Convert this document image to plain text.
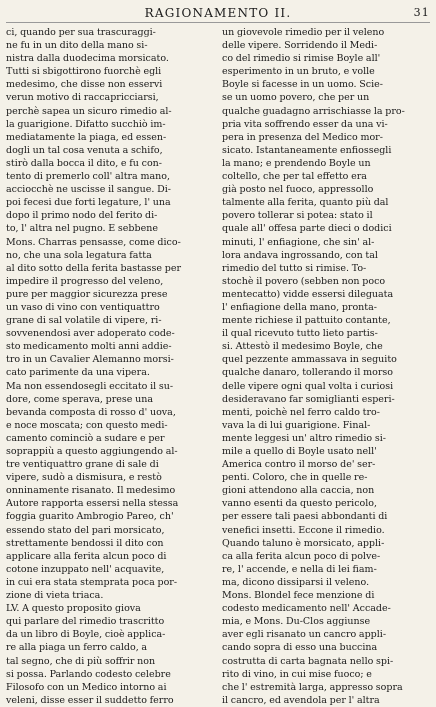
RAGIONAMENTO II.	31
ci, quando per sua trascuraggi-
ne fu in un dito della mano si-
nistra dalla duodecima morsicato.
Tutti si sbigottirono fuorchè egli
medesimo, che disse non esservi
verun motivo di raccapricciarsi,
perchè sapea un sicuro rimedio al-
la guarigione. Difatto succhiò im-
mediatamente la piaga, ed essen-
dogli un tal cosa venuta a schifo,
stirò dalla bocca il dito, e fu con-
tento di premerlo coll' altra mano,
acciocchè ne uscisse il sangue. Di-
poi fecesi due forti legature, l' una
dopo il primo nodo del ferito di-
to, l' altra nel pugno. E sebbene
Mons. Charras pensasse, come dico-
no, che una sola legatura fatta
al dito sotto della ferita bastasse per
impedire il progresso del veleno,
pure per maggior sicurezza prese
un vaso di vino con ventiquattro
grane di sal volatile di vipere, ri-
sovvenendosi aver adoperato code-
sto medicamento molti anni addie-
tro in un Cavalier Alemanno morsi-
cato parimente da una vipera.
Ma non essendosegli eccitato il su-
dore, come sperava, prese una
bevanda composta di rosso d' uova,
e noce moscata; con questo medi-
camento cominciò a sudare e per
soprappiù a questo aggiungendo al-
tre ventiquattro grane di sale di
vipere, sudò a dismisura, e restò
onninamente risanato. Il medesimo
Autore rapporta essersi nella stessa
foggia guarito Ambrogio Pareo, ch'
essendo stato del pari morsicato,
strettamente bendossi il dito con
applicare alla ferita alcun poco di
cotone inzuppato nell' acquavite,
in cui era stata stemprata poca por-
zione di vieta triaca.
LV. A questo proposito giova
qui parlare del rimedio trascritto
da un libro di Boyle, cioè applica-
re alla piaga un ferro caldo, a
tal segno, che di più soffrir non
si possa. Parlando codesto celebre
Filosofo con un Medico intorno ai
veleni, disse esser il suddetto ferro
un giovevole rimedio per il veleno
delle vipere. Sorridendo il Medi-
co del rimedio si rimise Boyle all'
esperimento in un bruto, e volle
Boyle si facesse in un uomo. Scie-
se un uomo povero, che per un
qualche guadagno arrischiasse la pro-
pria vita soffrendo esser da una vi-
pera in presenza del Medico mor-
sicato. Istantaneamente enfiossegli
la mano; e prendendo Boyle un
coltello, che per tal effetto era
già posto nel fuoco, appressollo
talmente alla ferita, quanto più dal
povero tollerar si potea: stato il
quale all' offesa parte dieci o dodici
minuti, l' enfiagione, che sin' al-
lora andava ingrossando, con tal
rimedio del tutto si rimise. To-
stochè il povero (sebben non poco
mentecatto) vidde essersi dileguata
l' enfiagione della mano, pronta-
mente richiese il pattuito contante,
il qual ricevuto tutto lieto partis-
si. Attestò il medesimo Boyle, che
quel pezzente ammassava in seguito
qualche danaro, tollerando il morso
delle vipere ogni qual volta i curiosi
desideravano far somiglianti esperi-
menti, poichè nel ferro caldo tro-
vava la di lui guarigione. Final-
mente leggesi un' altro rimedio si-
mile a quello di Boyle usato nell'
America contro il morso de' ser-
penti. Coloro, che in quelle re-
gioni attendono alla caccia, non
vanno esenti da questo pericolo,
per essere tali paesi abbondanti di
venefici insetti. Eccone il rimedio.
Quando taluno è morsicato, appli-
ca alla ferita alcun poco di polve-
re, l' accende, e nella di lei fiam-
ma, dicono dissiparsi il veleno.
Mons. Blondel fece menzione di
codesto medicamento nell' Accade-
mia, e Mons. Du-Clos aggiunse
aver egli risanato un cancro appli-
cando sopra di esso una buccina
costrutta di carta bagnata nello spi-
rito di vino, in cui mise fuoco; e
che l' estremità larga, appresso sopra
il cancro, ed avendola per l' altra
